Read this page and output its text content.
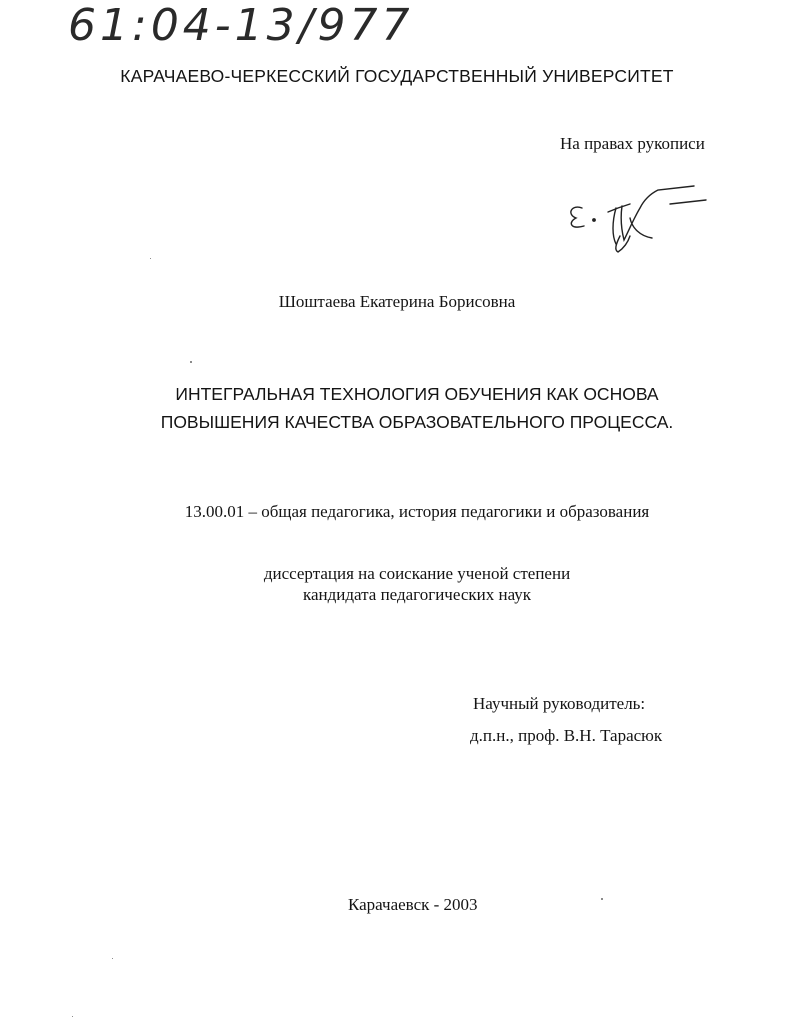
61:04-13/977
КАРАЧАЕВО-ЧЕРКЕССКИЙ ГОСУДАРСТВЕННЫЙ УНИВЕРСИТЕТ
На правах рукописи
Шоштаева Екатерина Борисовна
ИНТЕГРАЛЬНАЯ ТЕХНОЛОГИЯ ОБУЧЕНИЯ КАК ОСНОВА
ПОВЫШЕНИЯ КАЧЕСТВА ОБРАЗОВАТЕЛЬНОГО ПРОЦЕССА.
13.00.01 – общая педагогика, история педагогики и образования
диссертация на соискание ученой степени
кандидата педагогических наук
Научный руководитель:
д.п.н., проф. В.Н. Тарасюк
Карачаевск - 2003
